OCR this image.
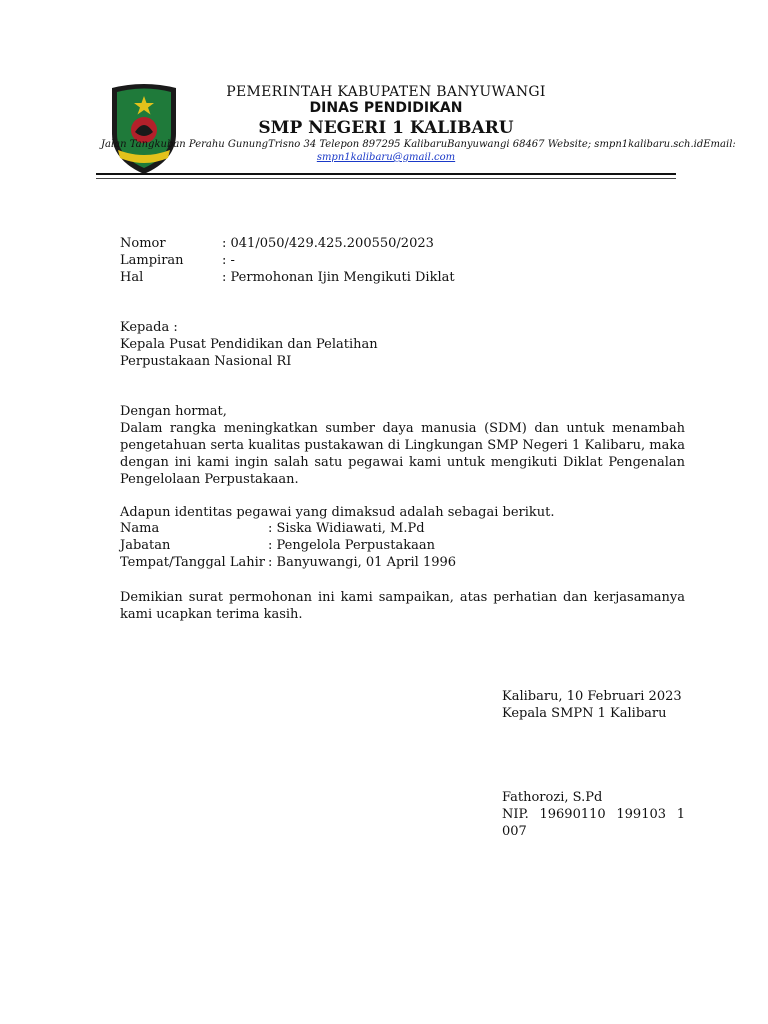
PEMERINTAH KABUPATEN BANYUWANGI
DINAS PENDIDIKAN
SMP NEGERI 1 KALIBARU
Jalan Tangkuban Perahu GunungTrisno 34 Telepon 897295 KalibaruBanyuwangi 68467 Website; smpn1kalibaru.sch.idEmail:
smpn1kalibaru@gmail.com
Nomor	: 041/050/429.425.200550/2023
Lampiran	: -
Hal	: Permohonan Ijin Mengikuti Diklat
Kepada :
Kepala Pusat Pendidikan dan Pelatihan
Perpustakaan Nasional RI
Dengan hormat,
Dalam rangka meningkatkan sumber daya manusia (SDM) dan untuk menambah pengetahuan serta kualitas pustakawan di Lingkungan SMP Negeri 1 Kalibaru, maka dengan ini kami ingin salah satu pegawai kami untuk mengikuti Diklat Pengenalan Pengelolaan Perpustakaan.
Adapun identitas pegawai yang dimaksud adalah sebagai berikut.
Nama	: Siska Widiawati, M.Pd
Jabatan	: Pengelola Perpustakaan
Tempat/Tanggal Lahir : Banyuwangi, 01 April 1996
Demikian surat permohonan ini kami sampaikan, atas perhatian dan kerjasamanya kami ucapkan terima kasih.
Kalibaru, 10 Februari 2023
Kepala SMPN 1 Kalibaru
Fathorozi, S.Pd
NIP. 19690110 199103 1 007
